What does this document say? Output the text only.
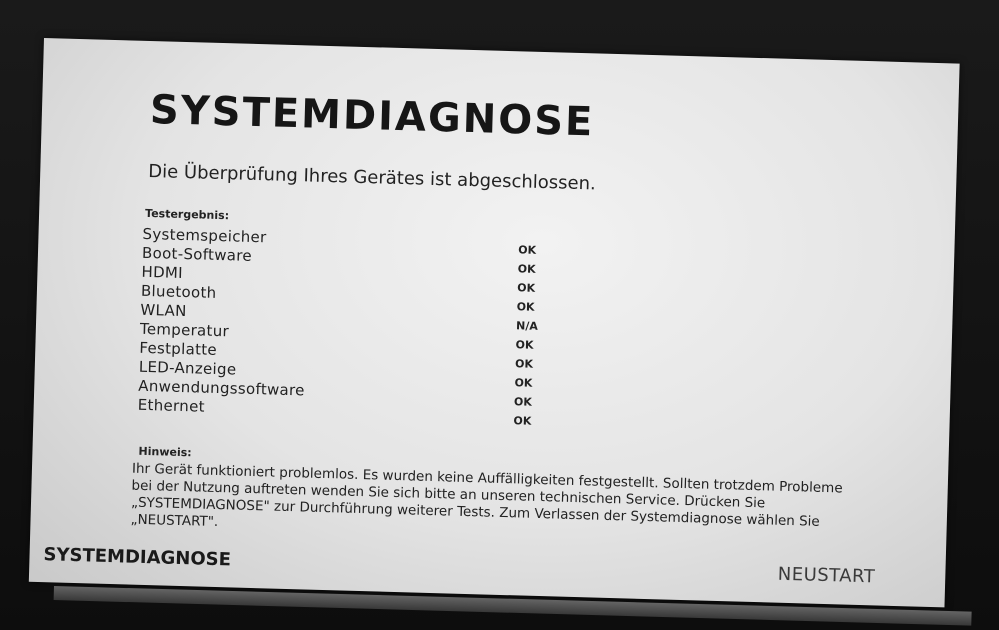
SYSTEMDIAGNOSE
Die Überprüfung Ihres Gerätes ist abgeschlossen.
Testergebnis:
Systemspeicher
OK
Boot-Software
OK
HDMI
OK
Bluetooth
OK
WLAN
N/A
Temperatur
OK
Festplatte
OK
LED-Anzeige
OK
Anwendungssoftware
OK
Ethernet
OK
Hinweis:
Ihr Gerät funktioniert problemlos. Es wurden keine Auffälligkeiten festgestellt. Sollten trotzdem Probleme bei der Nutzung auftreten wenden Sie sich bitte an unseren technischen Service. Drücken Sie „SYSTEMDIAGNOSE" zur Durchführung weiterer Tests. Zum Verlassen der Systemdiagnose wählen Sie „NEUSTART".
SYSTEMDIAGNOSE
NEUSTART
